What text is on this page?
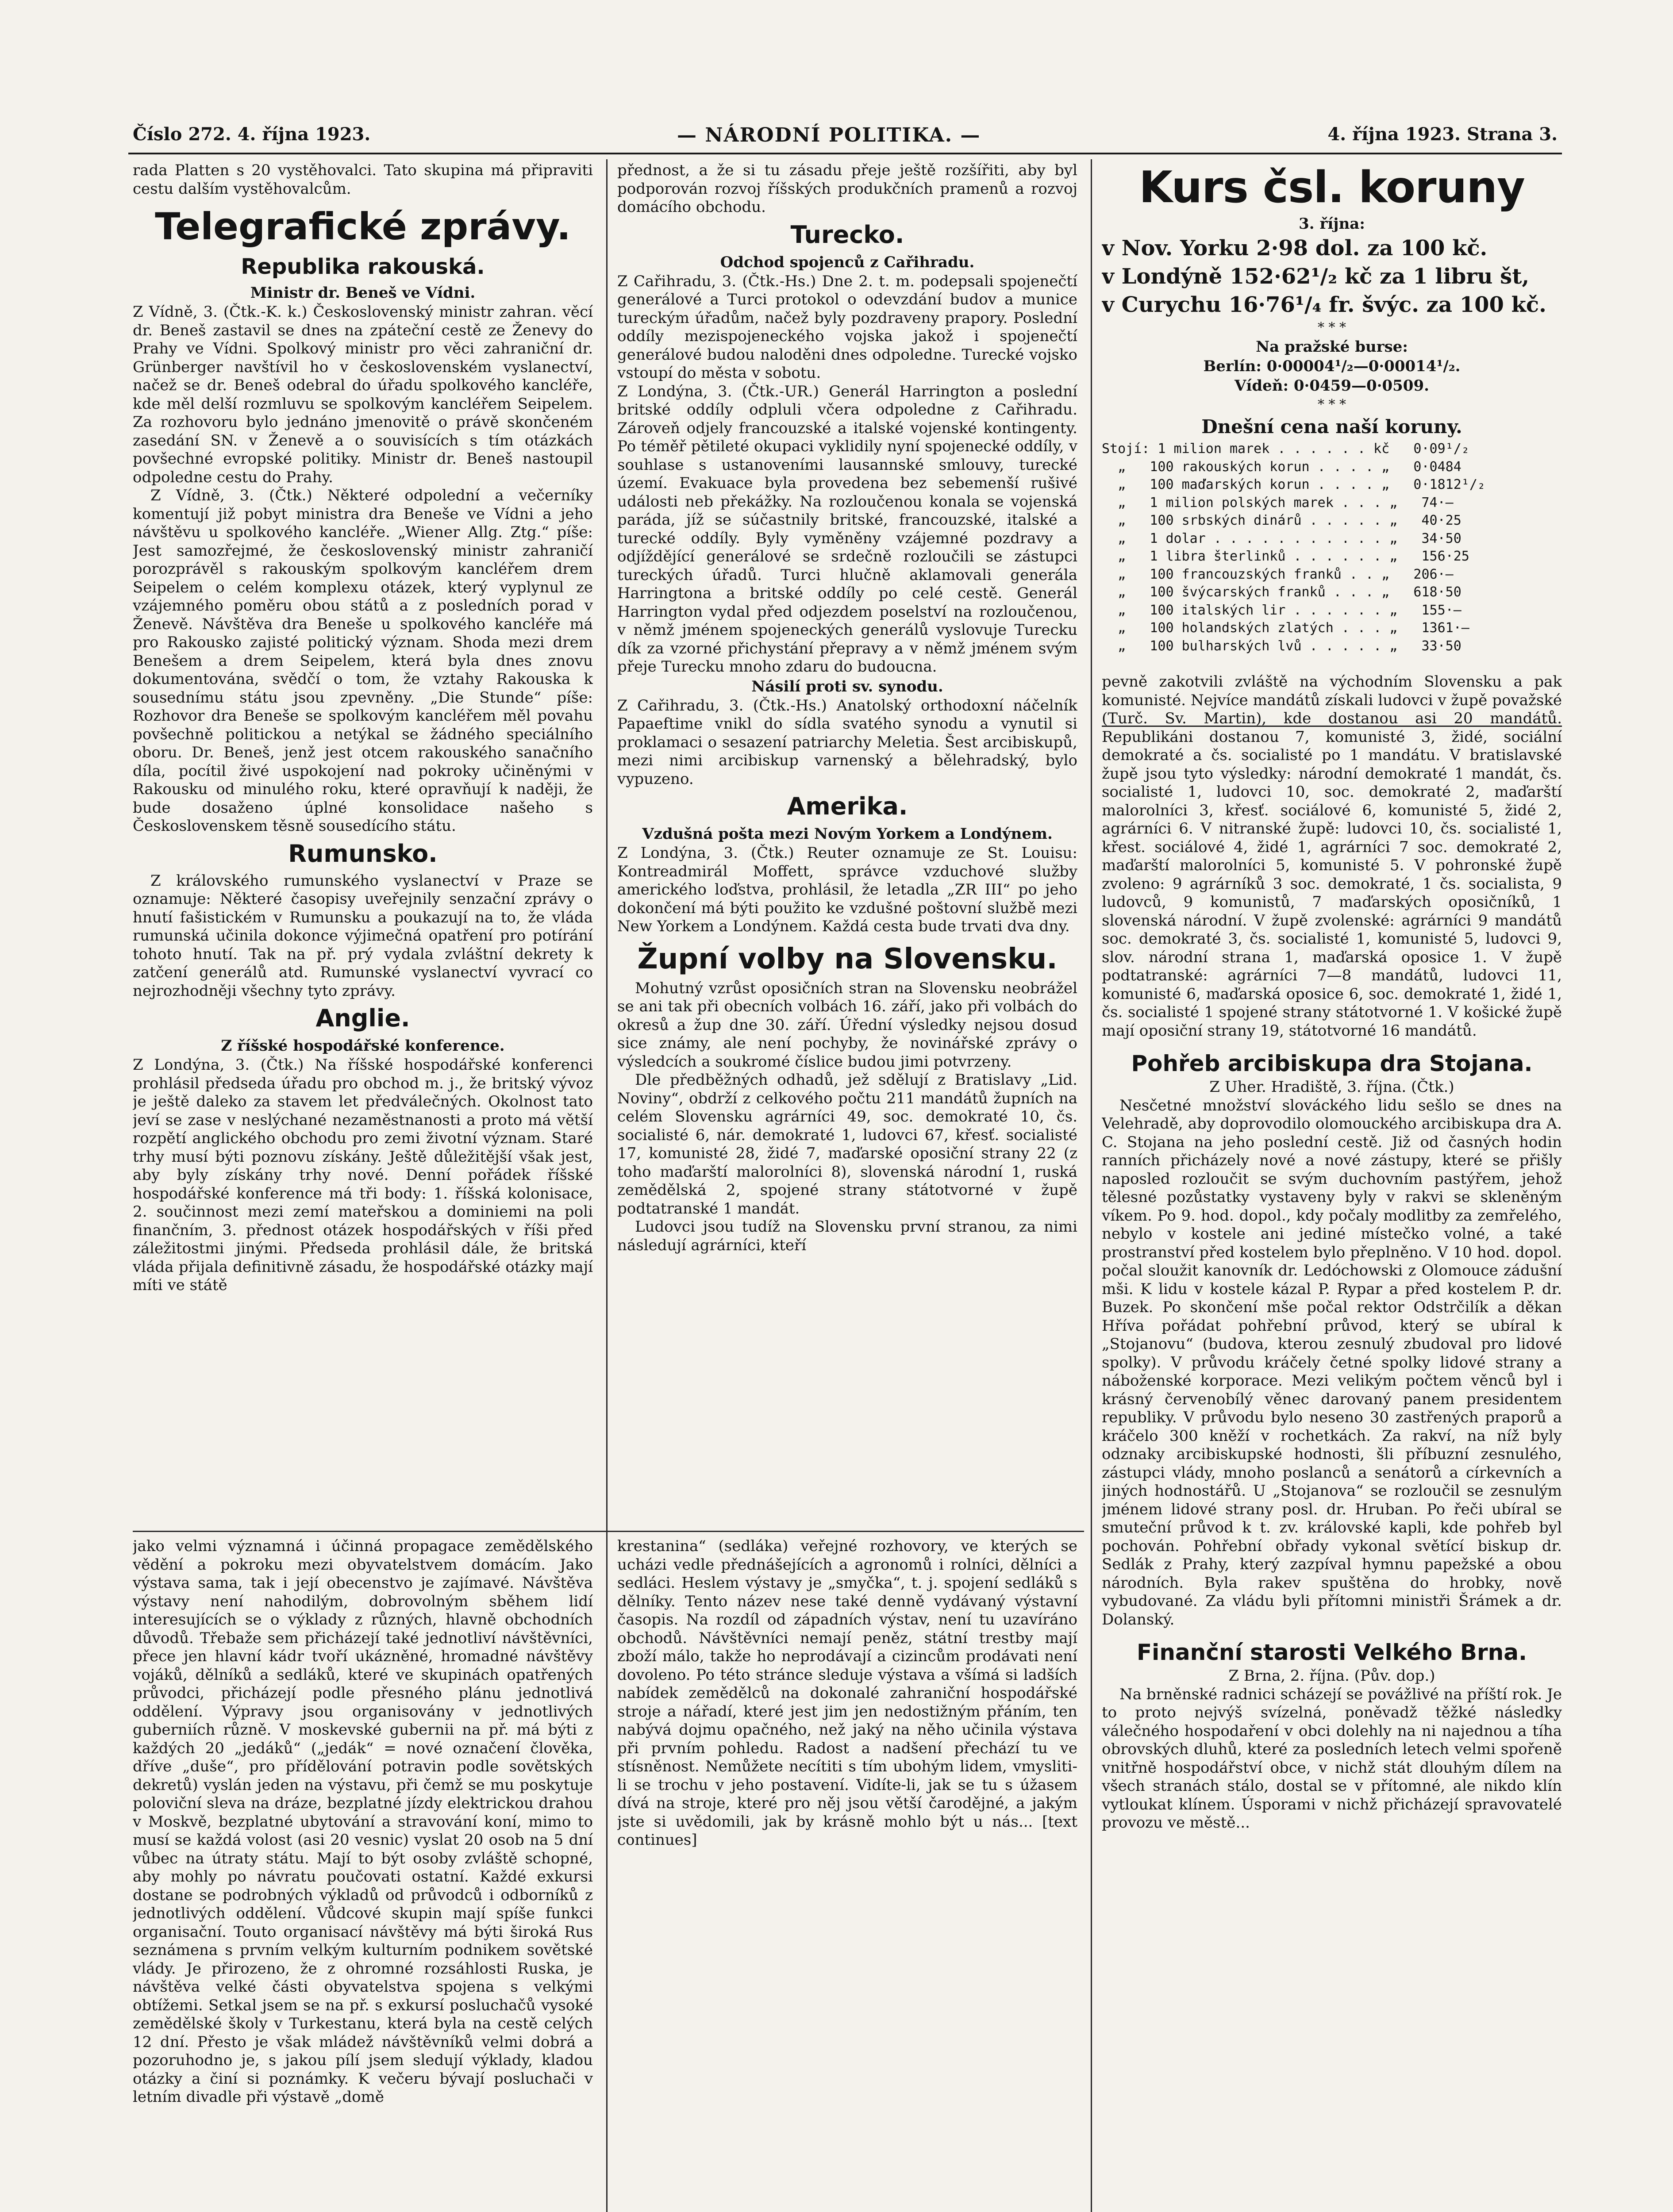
Číslo 272. 4. října 1923.	— NÁRODNÍ POLITIKA. —	4. října 1923. Strana 3.

rada Platten s 20 vystěhovalci. Tato skupina má připraviti cestu dalším vystěhovalcům.

Telegrafické zprávy.
Republika rakouská.
Ministr dr. Beneš ve Vídni.

Z Vídně, 3. (Čtk.-K. k.) Československý ministr zahran. věcí dr. Beneš zastavil se dnes na zpáteční cestě ze Ženevy do Prahy ve Vídni. Spolkový ministr pro věci zahraniční dr. Grünberger navštívil ho v československém vyslanectví, načež se dr. Beneš odebral do úřadu spolkového kancléře, kde měl delší rozmluvu se spolkovým kancléřem Seipelem. Za rozhovoru bylo jednáno jmenovitě o právě skončeném zasedání SN. v Ženevě a o souvisících s tím otázkách povšechné evropské politiky. Ministr dr. Beneš nastoupil odpoledne cestu do Prahy.

Z Vídně, 3. (Čtk.) Některé odpolední a večerníky komentují již pobyt ministra dra Beneše ve Vídni a jeho návštěvu u spolkového kancléře. „Wiener Allg. Ztg.“ píše: Jest samozřejmé, že československý ministr zahraničí porozprávěl s rakouským spolkovým kancléřem drem Seipelem o celém komplexu otázek, který vyplynul ze vzájemného poměru obou států a z posledních porad v Ženevě. Návštěva dra Beneše u spolkového kancléře má pro Rakousko zajisté politický význam. Shoda mezi drem Benešem a drem Seipelem, která byla dnes znovu dokumentována, svědčí o tom, že vztahy Rakouska k sousednímu státu jsou zpevněny. „Die Stunde“ píše: Rozhovor dra Beneše se spolkovým kancléřem měl povahu povšechně politickou a netýkal se žádného speciálního oboru. Dr. Beneš, jenž jest otcem rakouského sanačního díla, pocítil živé uspokojení nad pokroky učiněnými v Rakousku od minulého roku, které opravňují k naději, že bude dosaženo úplné konsolidace našeho s Československem těsně sousedícího státu.

Rumunsko.

Z královského rumunského vyslanectví v Praze se oznamuje: Některé časopisy uveřejnily senzační zprávy o hnutí fašistickém v Rumunsku a poukazují na to, že vláda rumunská učinila dokonce výjimečná opatření pro potírání tohoto hnutí. Tak na př. prý vydala zvláštní dekrety k zatčení generálů atd. Rumunské vyslanectví vyvrací co nejrozhodněji všechny tyto zprávy.

Anglie.
Z říšské hospodářské konference.

Z Londýna, 3. (Čtk.) Na říšské hospodářské konferenci prohlásil předseda úřadu pro obchod m. j., že britský vývoz je ještě daleko za stavem let předválečných. Okolnost tato jeví se zase v neslýchané nezaměstnanosti a proto má větší rozpětí anglického obchodu pro zemi životní význam. Staré trhy musí býti poznovu získány. Ještě důležitější však jest, aby byly získány trhy nové. Denní pořádek říšské hospodářské konference má tři body: 1. říšská kolonisace, 2. součinnost mezi zemí mateřskou a dominiemi na poli finančním, 3. přednost otázek hospodářských v říši před záležitostmi jinými. Předseda prohlásil dále, že britská vláda přijala definitivně zásadu, že hospodářské otázky mají míti ve státě

jako velmi významná i účinná propagace zemědělského vědění a pokroku mezi obyvatelstvem domácím. Jako výstava sama, tak i její obecenstvo je zajímavé. Návštěva výstavy není nahodilým, dobrovolným sběhem lidí interesujících se o výklady z různých, hlavně obchodních důvodů. Třebaže sem přicházejí také jednotliví návštěvníci, přece jen hlavní kádr tvoří ukázněné, hromadné návštěvy vojáků, dělníků a sedláků, které ve skupinách opatřených průvodci, přicházejí podle přesného plánu jednotlivá oddělení. Výpravy jsou organisovány v jednotlivých guberniích různě. V moskevské gubernii na př. má býti z každých 20 „jedáků“ („jedák“ = nové označení člověka, dříve „duše“, pro přídělování potravin podle sovětských dekretů) vyslán jeden na výstavu, při čemž se mu poskytuje poloviční sleva na dráze, bezplatné jízdy elektrickou drahou v Moskvě, bezplatné ubytování a stravování koní, mimo to musí se každá volost (asi 20 vesnic) vyslat 20 osob na 5 dní vůbec na útraty státu. Mají to být osoby zvláště schopné, aby mohly po návratu poučovati ostatní. Každé exkursi dostane se podrobných výkladů od průvodců i odborníků z jednotlivých oddělení. Vůdcové skupin mají spíše funkci organisační. Touto organisací návštěvy má býti široká Rus seznámena s prvním velkým kulturním podnikem sovětské vlády. Je přirozeno, že z ohromné rozsáhlosti Ruska, je návštěva velké části obyvatelstva spojena s velkými obtížemi. Setkal jsem se na př. s exkursí posluchačů vysoké zemědělské školy v Turkestanu, která byla na cestě celých 12 dní. Přesto je však mládež návštěvníků velmi dobrá a pozoruhodno je, s jakou pílí jsem sledují výklady, kladou otázky a činí si poznámky. K večeru bývají posluchači v letním divadle při výstavě „domě

přednost, a že si tu zásadu přeje ještě rozšířiti, aby byl podporován rozvoj říšských produkčních pramenů a rozvoj domácího obchodu.

Turecko.
Odchod spojenců z Cařihradu.

Z Cařihradu, 3. (Čtk.-Hs.) Dne 2. t. m. podepsali spojenečtí generálové a Turci protokol o odevzdání budov a munice tureckým úřadům, načež byly pozdraveny prapory. Poslední oddíly mezispojeneckého vojska jakož i spojenečtí generálové budou naloděni dnes odpoledne. Turecké vojsko vstoupí do města v sobotu.

Z Londýna, 3. (Čtk.-UR.) Generál Harrington a poslední britské oddíly odpluli včera odpoledne z Cařihradu. Zároveň odjely francouzské a italské vojenské kontingenty. Po téměř pětileté okupaci vyklidily nyní spojenecké oddíly, v souhlase s ustanoveními lausannské smlouvy, turecké území. Evakuace byla provedena bez sebemenší rušivé události neb překážky. Na rozloučenou konala se vojenská paráda, jíž se súčastnily britské, francouzské, italské a turecké oddíly. Byly vyměněny vzájemné pozdravy a odjíždějící generálové se srdečně rozloučili se zástupci tureckých úřadů. Turci hlučně aklamovali generála Harringtona a britské oddíly po celé cestě. Generál Harrington vydal před odjezdem poselství na rozloučenou, v němž jménem spojeneckých generálů vyslovuje Turecku dík za vzorné přichystání přepravy a v němž jménem svým přeje Turecku mnoho zdaru do budoucna.

Násilí proti sv. synodu.

Z Cařihradu, 3. (Čtk.-Hs.) Anatolský orthodoxní náčelník Papaeftime vnikl do sídla svatého synodu a vynutil si proklamaci o sesazení patriarchy Meletia. Šest arcibiskupů, mezi nimi arcibiskup varnenský a bělehradský, bylo vypuzeno.

Amerika.
Vzdušná pošta mezi Novým Yorkem a Londýnem.

Z Londýna, 3. (Čtk.) Reuter oznamuje ze St. Louisu: Kontreadmirál Moffett, správce vzduchové služby amerického loďstva, prohlásil, že letadla „ZR III“ po jeho dokončení má býti použito ke vzdušné poštovní službě mezi New Yorkem a Londýnem. Každá cesta bude trvati dva dny.

Župní volby na Slovensku.

Mohutný vzrůst oposičních stran na Slovensku neobrážel se ani tak při obecních volbách 16. září, jako při volbách do okresů a žup dne 30. září. Úřední výsledky nejsou dosud sice známy, ale není pochyby, že novinářské zprávy o výsledcích a soukromé číslice budou jimi potvrzeny.

Dle předběžných odhadů, jež sdělují z Bratislavy „Lid. Noviny“, obdrží z celkového počtu 211 mandátů župních na celém Slovensku agrárníci 49, soc. demokraté 10, čs. socialisté 6, nár. demokraté 1, ludovci 67, křesť. socialisté 17, komunisté 28, židé 7, maďarské oposiční strany 22 (z toho maďarští malorolníci 8), slovenská národní 1, ruská zemědělská 2, spojené strany státotvorné v župě podtatranské 1 mandát.

Ludovci jsou tudíž na Slovensku první stranou, za nimi následují agrárníci, kteří

krestanina“ (sedláka) veřejné rozhovory, ve kterých se ucházi vedle přednášejících a agronomů i rolníci, dělníci a sedláci. Heslem výstavy je „smyčka“, t. j. spojení sedláků s dělníky. Tento název nese také denně vydávaný výstavní časopis. Na rozdíl od západních výstav, není tu uzavíráno obchodů. Návštěvníci nemají peněz, státní trestby mají zboží málo, takže ho neprodávají a cizincům prodávati není dovoleno. Po této stránce sleduje výstava a všímá si ladších nabídek zemědělců na dokonalé zahraniční hospodářské stroje a nářadí, které jest jim jen nedostižným přáním, ten nabývá dojmu opačného, než jaký na něho učinila výstava při prvním pohledu. Radost a nadšení přechází tu ve stísněnost. Nemůžete necítiti s tím ubohým lidem, vmysliti-li se trochu v jeho postavení. Vidíte-li, jak se tu s úžasem dívá na stroje, které pro něj jsou větší čarodějné, a jakým jste si uvědomili, jak by krásně mohlo být u nás... [text continues]

Kurs čsl. koruny
3. října:
v Nov. Yorku 2·98 dol. za 100 kč.
v Londýně 152·62¹/₂ kč za 1 libru št,
v Curychu 16·76¹/₄ fr. švýc. za 100 kč.
* * *
Na pražské burse:
Berlín: 0·00004¹/₂—0·00014¹/₂.
Vídeň: 0·0459—0·0509.
* * *
Dnešní cena naší koruny.
Stojí: 1 milion marek . . . . . . kč   0·09¹/₂
„   100 rakouských korun . . . . „   0·0484
„   100 maďarských korun . . . . „   0·1812¹/₂
„   1 milion polských marek . . . „   74·—
„   100 srbských dinárů . . . . . „   40·25
„   1 dolar . . . . . . . . . . . „   34·50
„   1 libra šterlinků . . . . . . „   156·25
„   100 francouzských franků . . „   206·—
„   100 švýcarských franků . . . „   618·50
„   100 italských lir . . . . . . „   155·—
„   100 holandských zlatých . . . „   1361·—
„   100 bulharských lvů . . . . . „   33·50

pevně zakotvili zvláště na východním Slovensku a pak komunisté. Nejvíce mandátů získali ludovci v župě považské (Turč. Sv. Martin), kde dostanou asi 20 mandátů. Republikáni dostanou 7, komunisté 3, židé, sociální demokraté a čs. socialisté po 1 mandátu. V bratislavské župě jsou tyto výsledky: národní demokraté 1 mandát, čs. socialisté 1, ludovci 10, soc. demokraté 2, maďarští malorolníci 3, křesť. sociálové 6, komunisté 5, židé 2, agrárníci 6. V nitranské župě: ludovci 10, čs. socialisté 1, křest. sociálové 4, židé 1, agrárníci 7 soc. demokraté 2, maďarští malorolníci 5, komunisté 5. V pohronské župě zvoleno: 9 agrárníků 3 soc. demokraté, 1 čs. socialista, 9 ludovců, 9 komunistů, 7 maďarských oposičníků, 1 slovenská národní. V župě zvolenské: agrárníci 9 mandátů soc. demokraté 3, čs. socialisté 1, komunisté 5, ludovci 9, slov. národní strana 1, maďarská oposice 1. V župě podtatranské: agrárníci 7—8 mandátů, ludovci 11, komunisté 6, maďarská oposice 6, soc. demokraté 1, židé 1, čs. socialisté 1 spojené strany státotvorné 1. V košické župě mají oposiční strany 19, státotvorné 16 mandátů.

Pohřeb arcibiskupa dra Stojana.
Z Uher. Hradiště, 3. října. (Čtk.)

Nesčetné množství slováckého lidu sešlo se dnes na Velehradě, aby doprovodilo olomouckého arcibiskupa dra A. C. Stojana na jeho poslední cestě. Již od časných hodin ranních přicházely nové a nové zástupy, které se přišly naposled rozloučit se svým duchovním pastýřem, jehož tělesné pozůstatky vystaveny byly v rakvi se skleněným víkem. Po 9. hod. dopol., kdy počaly modlitby za zemřelého, nebylo v kostele ani jediné místečko volné, a také prostranství před kostelem bylo přeplněno. V 10 hod. dopol. počal sloužit kanovník dr. Ledóchowski z Olomouce zádušní mši. K lidu v kostele kázal P. Rypar a před kostelem P. dr. Buzek. Po skončení mše počal rektor Odstrčilík a děkan Hříva pořádat pohřební průvod, který se ubíral k „Stojanovu“ (budova, kterou zesnulý zbudoval pro lidové spolky). V průvodu kráčely četné spolky lidové strany a náboženské korporace. Mezi velikým počtem věnců byl i krásný červenobílý věnec darovaný panem presidentem republiky. V průvodu bylo neseno 30 zastřených praporů a kráčelo 300 kněží v rochetkách. Za rakví, na níž byly odznaky arcibiskupské hodnosti, šli příbuzní zesnulého, zástupci vlády, mnoho poslanců a senátorů a církevních a jiných hodnostářů. U „Stojanova“ se rozloučil se zesnulým jménem lidové strany posl. dr. Hruban. Po řeči ubíral se smuteční průvod k t. zv. královské kapli, kde pohřeb byl pochován. Pohřební obřady vykonal světící biskup dr. Sedlák z Prahy, který zazpíval hymnu papežské a obou národních. Byla rakev spuštěna do hrobky, nově vybudované. Za vládu byli přítomni ministři Šrámek a dr. Dolanský.

Finanční starosti Velkého Brna.
Z Brna, 2. října. (Pův. dop.)

Na brněnské radnici scházejí se povážlivé na příští rok. Je to proto nejvýš svízelná, poněvadž těžké následky válečného hospodaření v obci dolehly na ni najednou a tíha obrovských dluhů, které za posledních letech velmi spořeně vnitřně hospodářství obce, v nichž stát dlouhým dílem na všech stranách stálo, dostal se v přítomné, ale nikdo klín vytloukat klínem. Úsporami v nichž přicházejí spravovatelé provozu ve městě...
